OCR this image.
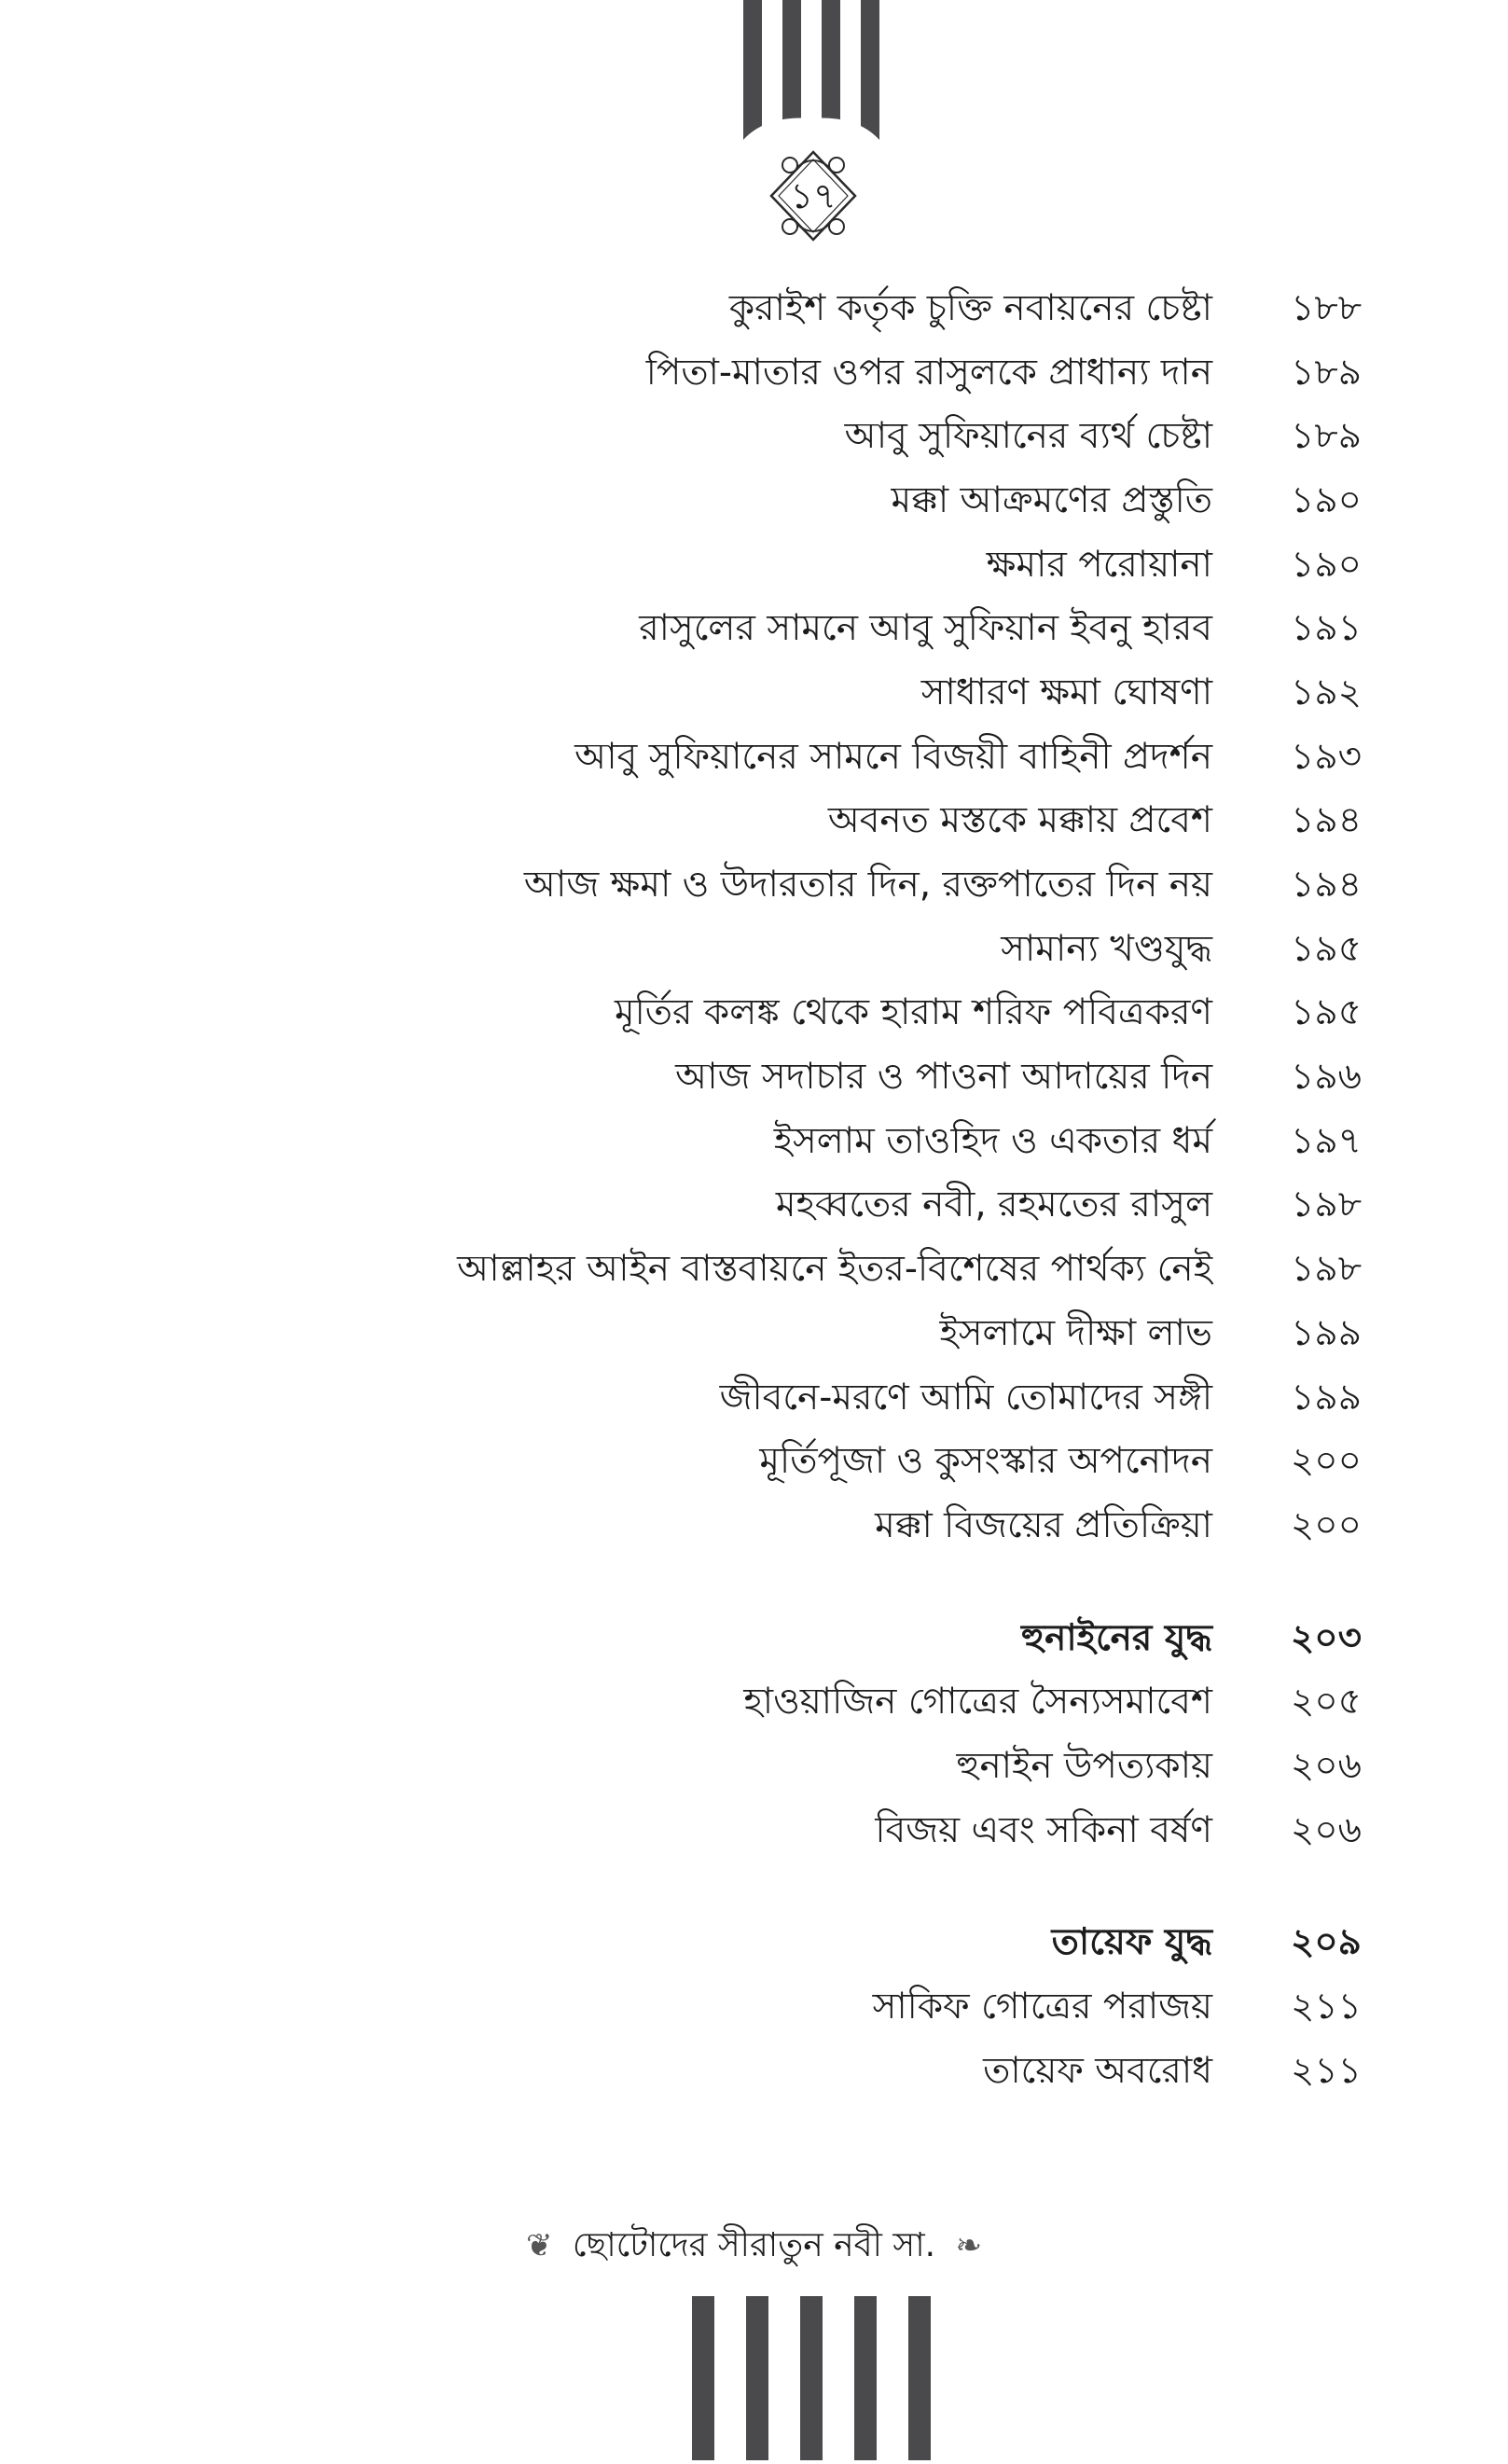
১৭
কুরাইশ কর্তৃক চুক্তি নবায়নের চেষ্টা	১৮৮
পিতা-মাতার ওপর রাসুলকে প্রাধান্য দান	১৮৯
আবু সুফিয়ানের ব্যর্থ চেষ্টা	১৮৯
মক্কা আক্রমণের প্রস্তুতি	১৯০
ক্ষমার পরোয়ানা	১৯০
রাসুলের সামনে আবু সুফিয়ান ইবনু হারব	১৯১
সাধারণ ক্ষমা ঘোষণা	১৯২
আবু সুফিয়ানের সামনে বিজয়ী বাহিনী প্রদর্শন	১৯৩
অবনত মস্তকে মক্কায় প্রবেশ	১৯৪
আজ ক্ষমা ও উদারতার দিন, রক্তপাতের দিন নয়	১৯৪
সামান্য খণ্ডযুদ্ধ	১৯৫
মূর্তির কলঙ্ক থেকে হারাম শরিফ পবিত্রকরণ	১৯৫
আজ সদাচার ও পাওনা আদায়ের দিন	১৯৬
ইসলাম তাওহিদ ও একতার ধর্ম	১৯৭
মহব্বতের নবী, রহমতের রাসুল	১৯৮
আল্লাহর আইন বাস্তবায়নে ইতর-বিশেষের পার্থক্য নেই	১৯৮
ইসলামে দীক্ষা লাভ	১৯৯
জীবনে-মরণে আমি তোমাদের সঙ্গী	১৯৯
মূর্তিপূজা ও কুসংস্কার অপনোদন	২০০
মক্কা বিজয়ের প্রতিক্রিয়া	২০০
হুনাইনের যুদ্ধ	২০৩
হাওয়াজিন গোত্রের সৈন্যসমাবেশ	২০৫
হুনাইন উপত্যকায়	২০৬
বিজয় এবং সকিনা বর্ষণ	২০৬
তায়েফ যুদ্ধ	২০৯
সাকিফ গোত্রের পরাজয়	২১১
তায়েফ অবরোধ	২১১
❦ ছোটোদের সীরাতুন নবী সা. ❧
